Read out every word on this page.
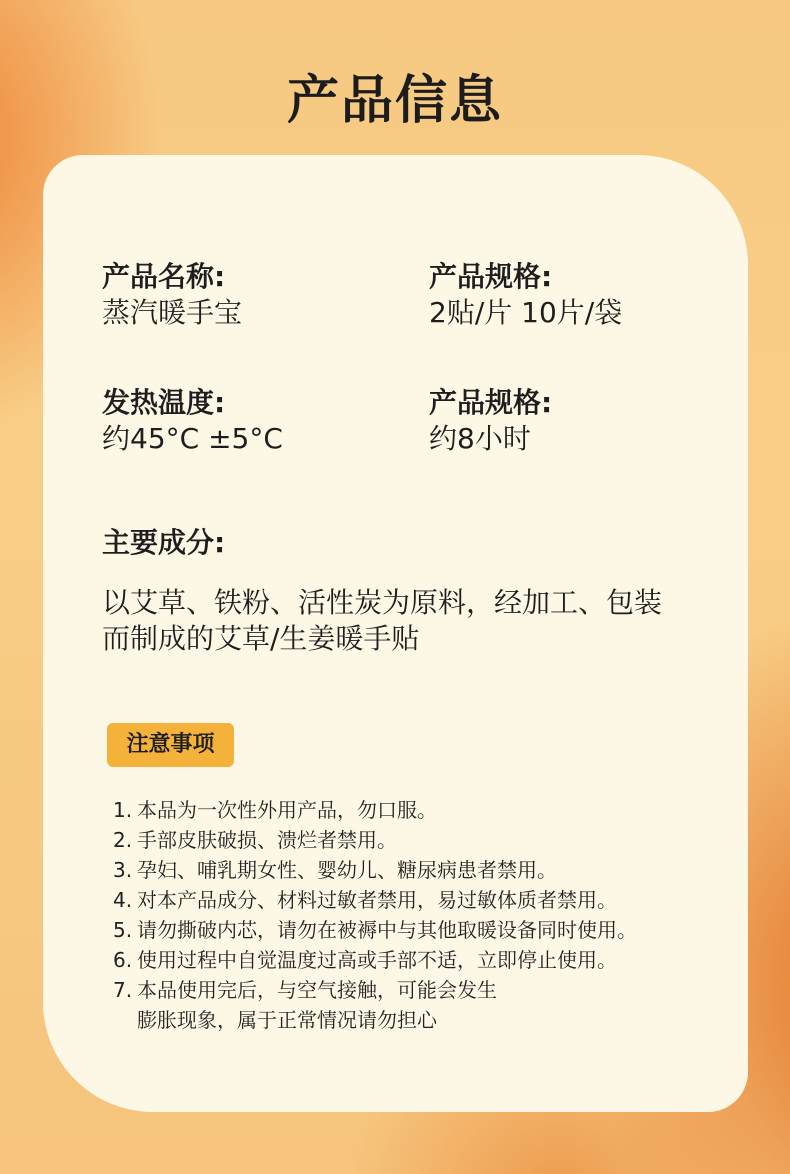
产品信息
产品名称:
蒸汽暖手宝
产品规格:
2贴/片 10片/袋
发热温度:
约45°C ±5°C
产品规格:
约8小时
主要成分:
以艾草、铁粉、活性炭为原料，经加工、包装
而制成的艾草/生姜暖手贴
注意事项
1. 本品为一次性外用产品，勿口服。
2. 手部皮肤破损、溃烂者禁用。
3. 孕妇、哺乳期女性、婴幼儿、糖尿病患者禁用。
4. 对本产品成分、材料过敏者禁用，易过敏体质者禁用。
5. 请勿撕破内芯，请勿在被褥中与其他取暖设备同时使用。
6. 使用过程中自觉温度过高或手部不适，立即停止使用。
7. 本品使用完后，与空气接触，可能会发生
膨胀现象，属于正常情况请勿担心
